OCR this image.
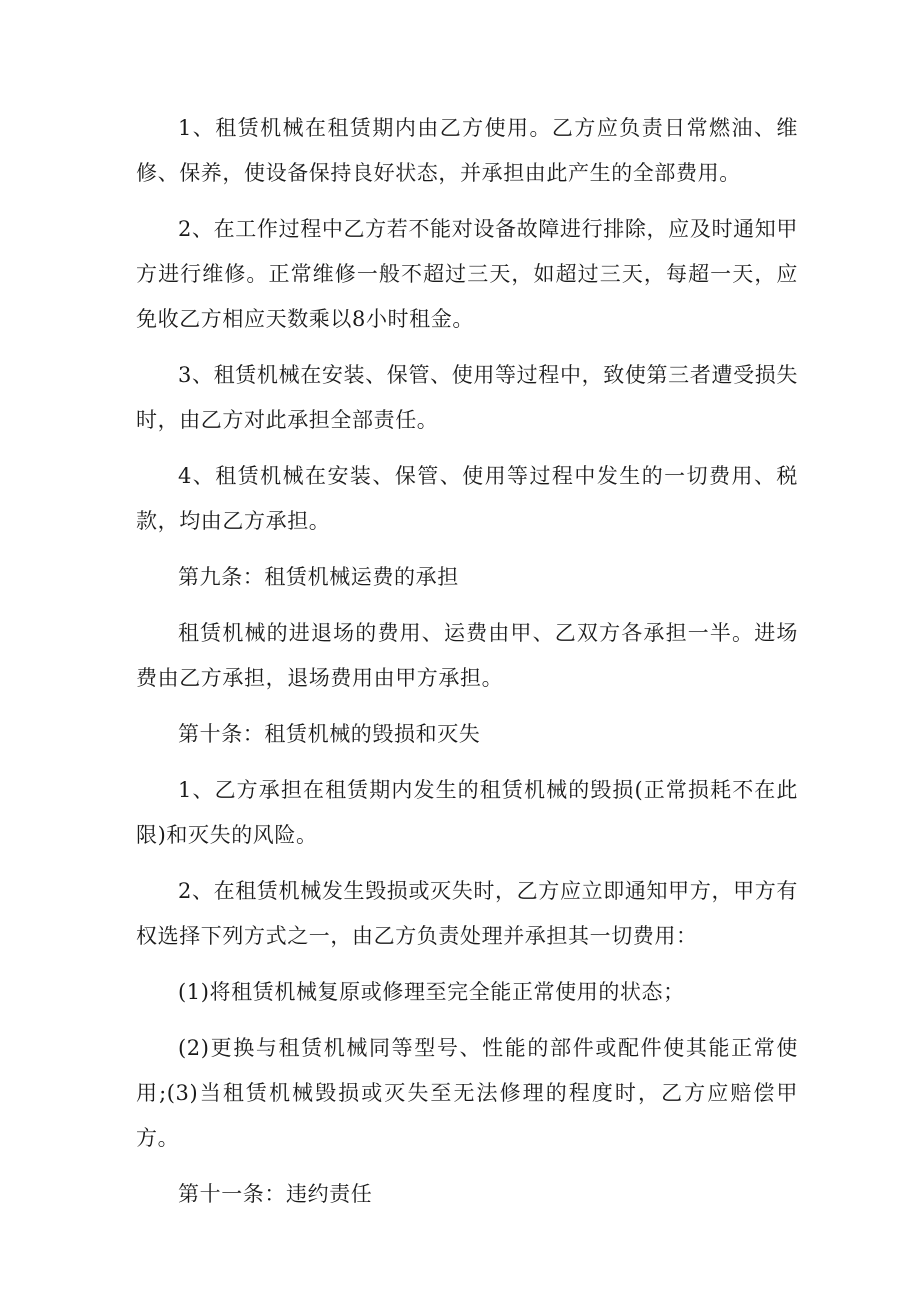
1、租赁机械在租赁期内由乙方使用。乙方应负责日常燃油、维修、保养，使设备保持良好状态，并承担由此产生的全部费用。

2、在工作过程中乙方若不能对设备故障进行排除，应及时通知甲方进行维修。正常维修一般不超过三天，如超过三天，每超一天，应免收乙方相应天数乘以8小时租金。

3、租赁机械在安装、保管、使用等过程中，致使第三者遭受损失时，由乙方对此承担全部责任。

4、租赁机械在安装、保管、使用等过程中发生的一切费用、税款，均由乙方承担。

第九条：租赁机械运费的承担

租赁机械的进退场的费用、运费由甲、乙双方各承担一半。进场费由乙方承担，退场费用由甲方承担。

第十条：租赁机械的毁损和灭失

1、乙方承担在租赁期内发生的租赁机械的毁损(正常损耗不在此限)和灭失的风险。

2、在租赁机械发生毁损或灭失时，乙方应立即通知甲方，甲方有权选择下列方式之一，由乙方负责处理并承担其一切费用：

(1)将租赁机械复原或修理至完全能正常使用的状态；

(2)更换与租赁机械同等型号、性能的部件或配件使其能正常使用;(3)当租赁机械毁损或灭失至无法修理的程度时，乙方应赔偿甲方。

第十一条：违约责任
